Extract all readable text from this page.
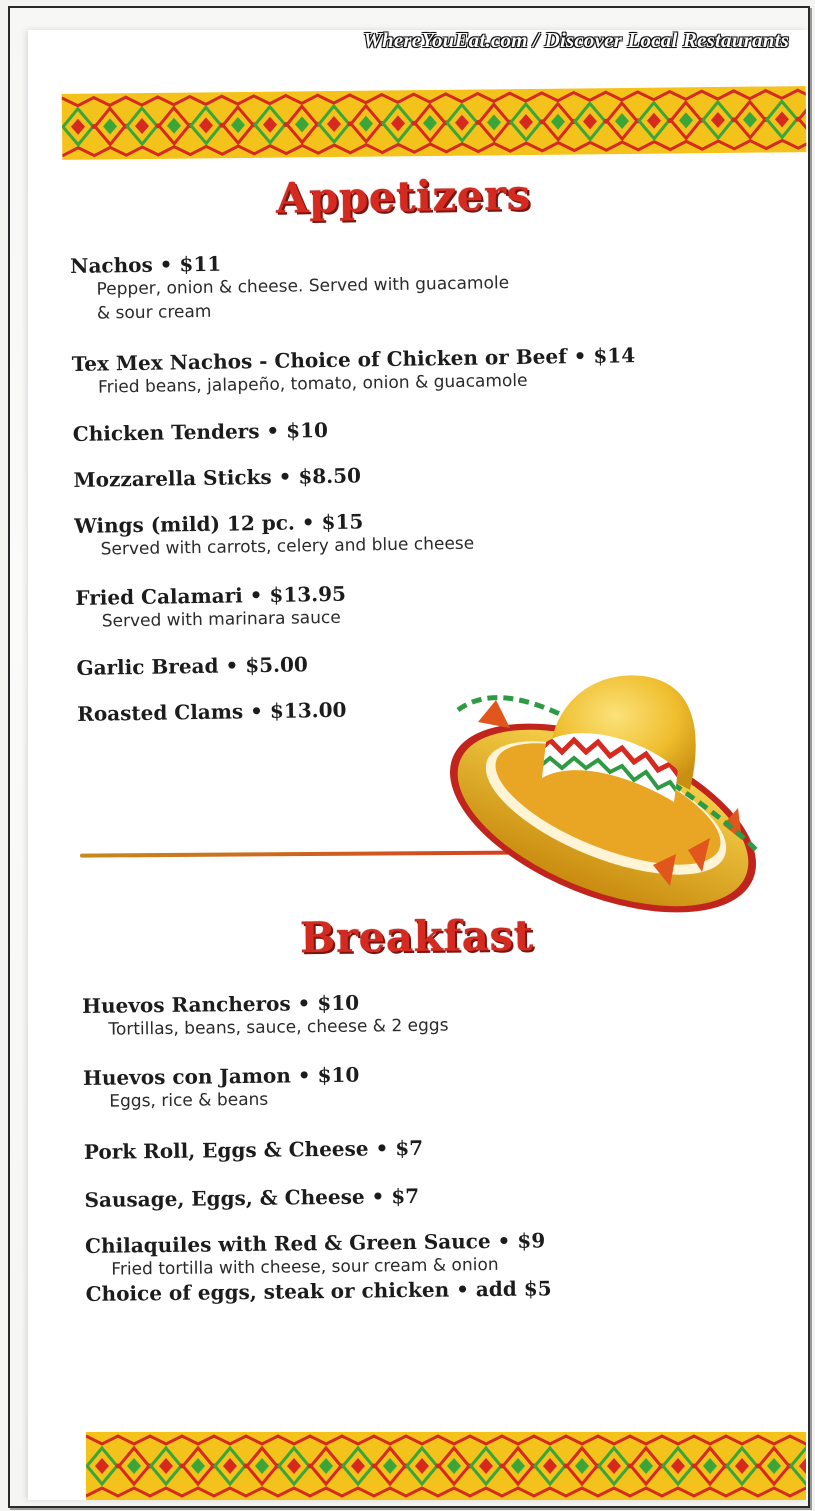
WhereYouEat.com / Discover Local Restaurants
Appetizers
Nachos • $11
Pepper, onion & cheese. Served with guacamole
& sour cream
Tex Mex Nachos - Choice of Chicken or Beef • $14
Fried beans, jalapeño, tomato, onion & guacamole
Chicken Tenders • $10
Mozzarella Sticks • $8.50
Wings (mild) 12 pc. • $15
Served with carrots, celery and blue cheese
Fried Calamari • $13.95
Served with marinara sauce
Garlic Bread • $5.00
Roasted Clams • $13.00
Breakfast
Huevos Rancheros • $10
Tortillas, beans, sauce, cheese & 2 eggs
Huevos con Jamon • $10
Eggs, rice & beans
Pork Roll, Eggs & Cheese • $7
Sausage, Eggs, & Cheese • $7
Chilaquiles with Red & Green Sauce • $9
Fried tortilla with cheese, sour cream & onion
Choice of eggs, steak or chicken • add $5
